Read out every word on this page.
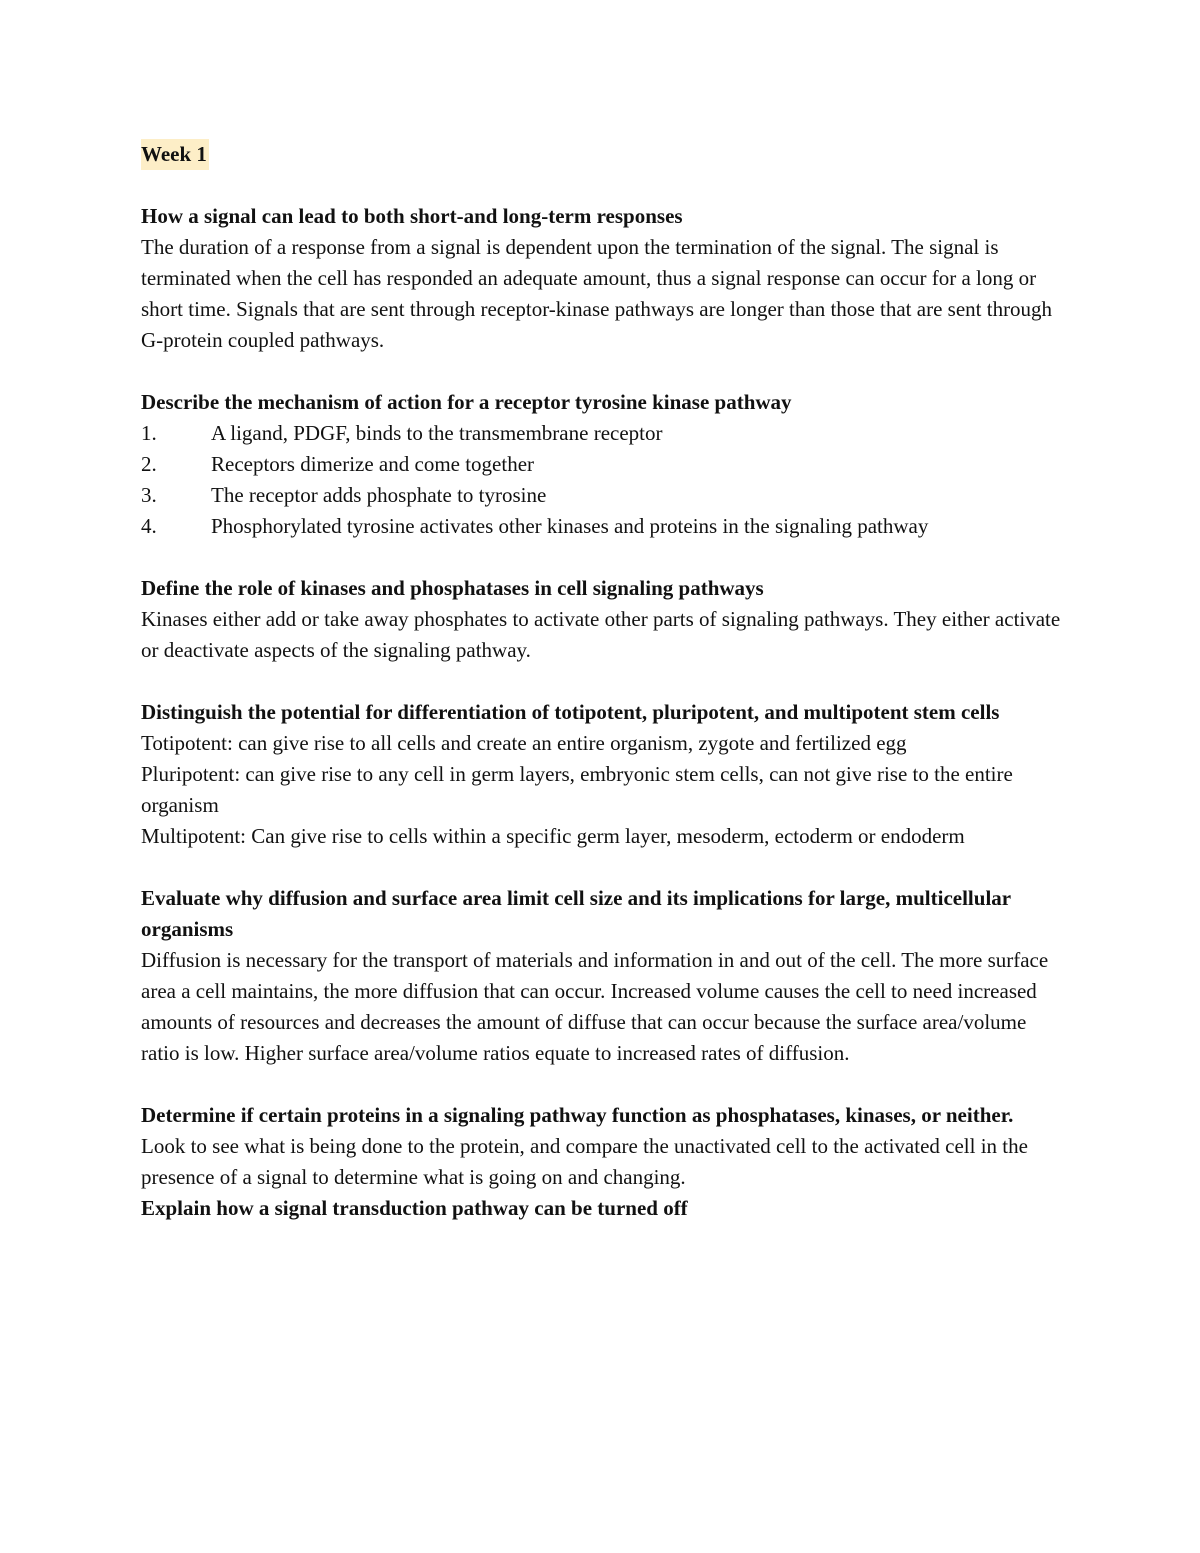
Week 1

How a signal can lead to both short-and long-term responses

The duration of a response from a signal is dependent upon the termination of the signal. The signal is terminated when the cell has responded an adequate amount, thus a signal response can occur for a long or short time. Signals that are sent through receptor-kinase pathways are longer than those that are sent through G-protein coupled pathways.

Describe the mechanism of action for a receptor tyrosine kinase pathway

1.	A ligand, PDGF, binds to the transmembrane receptor
2.	Receptors dimerize and come together
3.	The receptor adds phosphate to tyrosine
4.	Phosphorylated tyrosine activates other kinases and proteins in the signaling pathway

Define the role of kinases and phosphatases in cell signaling pathways

Kinases either add or take away phosphates to activate other parts of signaling pathways. They either activate or deactivate aspects of the signaling pathway.

Distinguish the potential for differentiation of totipotent, pluripotent, and multipotent stem cells

Totipotent: can give rise to all cells and create an entire organism, zygote and fertilized egg

Pluripotent: can give rise to any cell in germ layers, embryonic stem cells, can not give rise to the entire organism

Multipotent: Can give rise to cells within a specific germ layer, mesoderm, ectoderm or endoderm

Evaluate why diffusion and surface area limit cell size and its implications for large, multicellular organisms

Diffusion is necessary for the transport of materials and information in and out of the cell. The more surface area a cell maintains, the more diffusion that can occur. Increased volume causes the cell to need increased amounts of resources and decreases the amount of diffuse that can occur because the surface area/volume ratio is low. Higher surface area/volume ratios equate to increased rates of diffusion.

Determine if certain proteins in a signaling pathway function as phosphatases, kinases, or neither.

Look to see what is being done to the protein, and compare the unactivated cell to the activated cell in the presence of a signal to determine what is going on and changing.

Explain how a signal transduction pathway can be turned off
